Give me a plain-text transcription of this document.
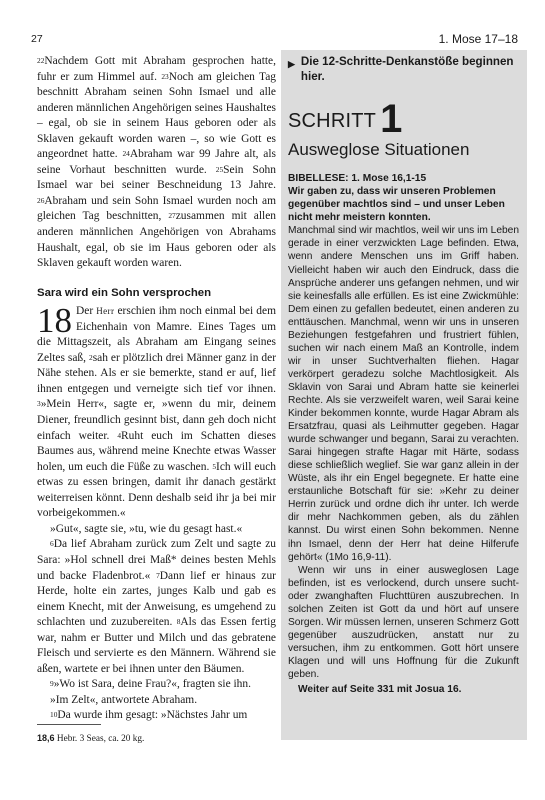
27	1. Mose 17–18

$^{22}$Nachdem Gott mit Abraham gesprochen hatte, fuhr er zum Himmel auf. $^{23}$Noch am gleichen Tag beschnitt Abraham seinen Sohn Ismael und alle anderen männlichen Angehörigen seines Haushaltes – egal, ob sie in seinem Haus geboren oder als Sklaven gekauft worden waren –, so wie Gott es angeordnet hatte. $^{24}$Abraham war 99 Jahre alt, als seine Vorhaut beschnitten wurde. $^{25}$Sein Sohn Ismael war bei seiner Beschneidung 13 Jahre. $^{26}$Abraham und sein Sohn Ismael wurden noch am gleichen Tag beschnitten, $^{27}$zusammen mit allen anderen männlichen Angehörigen von Abrahams Haushalt, egal, ob sie im Haus geboren oder als Sklaven gekauft worden waren.

Sara wird ein Sohn versprochen

18 Der Herr erschien ihm noch einmal bei dem Eichenhain von Mamre. Eines Tages um die Mittagszeit, als Abraham am Eingang seines Zeltes saß, $^2$sah er plötzlich drei Männer ganz in der Nähe stehen. Als er sie bemerkte, stand er auf, lief ihnen entgegen und verneigte sich tief vor ihnen. $^3$»Mein Herr«, sagte er, »wenn du mir, deinem Diener, freundlich gesinnt bist, dann geh doch nicht einfach weiter. $^4$Ruht euch im Schatten dieses Baumes aus, während meine Knechte etwas Wasser holen, um euch die Füße zu waschen. $^5$Ich will euch etwas zu essen bringen, damit ihr danach gestärkt weiterreisen könnt. Denn deshalb seid ihr ja bei mir vorbeigekommen.«

»Gut«, sagte sie, »tu, wie du gesagt hast.«

$^6$Da lief Abraham zurück zum Zelt und sagte zu Sara: »Hol schnell drei Maß* deines besten Mehls und backe Fladenbrot.« $^7$Dann lief er hinaus zur Herde, holte ein zartes, junges Kalb und gab es einem Knecht, mit der Anweisung, es umgehend zu schlachten und zuzubereiten. $^8$Als das Essen fertig war, nahm er Butter und Milch und das gebratene Fleisch und servierte es den Männern. Während sie aßen, wartete er bei ihnen unter den Bäumen.

$^9$»Wo ist Sara, deine Frau?«, fragten sie ihn.

»Im Zelt«, antwortete Abraham.

$^{10}$Da wurde ihm gesagt: »Nächstes Jahr um

18,6 Hebr. 3 Seas, ca. 20 kg.
▶ Die 12-Schritte-Denkanstöße beginnen hier.
SCHRITT 1
Ausweglose Situationen
BIBELLESE: 1. Mose 16,1-15
Wir gaben zu, dass wir unseren Problemen gegenüber machtlos sind – und unser Leben nicht mehr meistern konnten.

Manchmal sind wir machtlos, weil wir uns im Leben gerade in einer verzwickten Lage befinden. Etwa, wenn andere Menschen uns im Griff haben. Vielleicht haben wir auch den Eindruck, dass die Ansprüche anderer uns gefangen nehmen, und wir sie keinesfalls alle erfüllen. Es ist eine Zwickmühle: Dem einen zu gefallen bedeutet, einen anderen zu enttäuschen. Manchmal, wenn wir uns in unseren Beziehungen festgefahren und frustriert fühlen, suchen wir nach einem Maß an Kontrolle, indem wir in unser Suchtverhalten fliehen. Hagar verkörpert geradezu solche Machtlosigkeit. Als Sklavin von Sarai und Abram hatte sie keinerlei Rechte. Als sie verzweifelt waren, weil Sarai keine Kinder bekommen konnte, wurde Hagar Abram als Ersatzfrau, quasi als Leihmutter gegeben. Hagar wurde schwanger und begann, Sarai zu verachten. Sarai hingegen strafte Hagar mit Härte, sodass diese schließlich weglief. Sie war ganz allein in der Wüste, als ihr ein Engel begegnete. Er hatte eine erstaunliche Botschaft für sie: »Kehr zu deiner Herrin zurück und ordne dich ihr unter. Ich werde dir mehr Nachkommen geben, als du zählen kannst. Du wirst einen Sohn bekommen. Nenne ihn Ismael, denn der Herr hat deine Hilferufe gehört« (1Mo 16,9-11).

Wenn wir uns in einer ausweglosen Lage befinden, ist es verlockend, durch unsere sucht- oder zwanghaften Fluchttüren auszubrechen. In solchen Zeiten ist Gott da und hört auf unsere Sorgen. Wir müssen lernen, unseren Schmerz Gott gegenüber auszudrücken, anstatt nur zu versuchen, ihm zu entkommen. Gott hört unsere Klagen und will uns Hoffnung für die Zukunft geben.

Weiter auf Seite 331 mit Josua 16.
